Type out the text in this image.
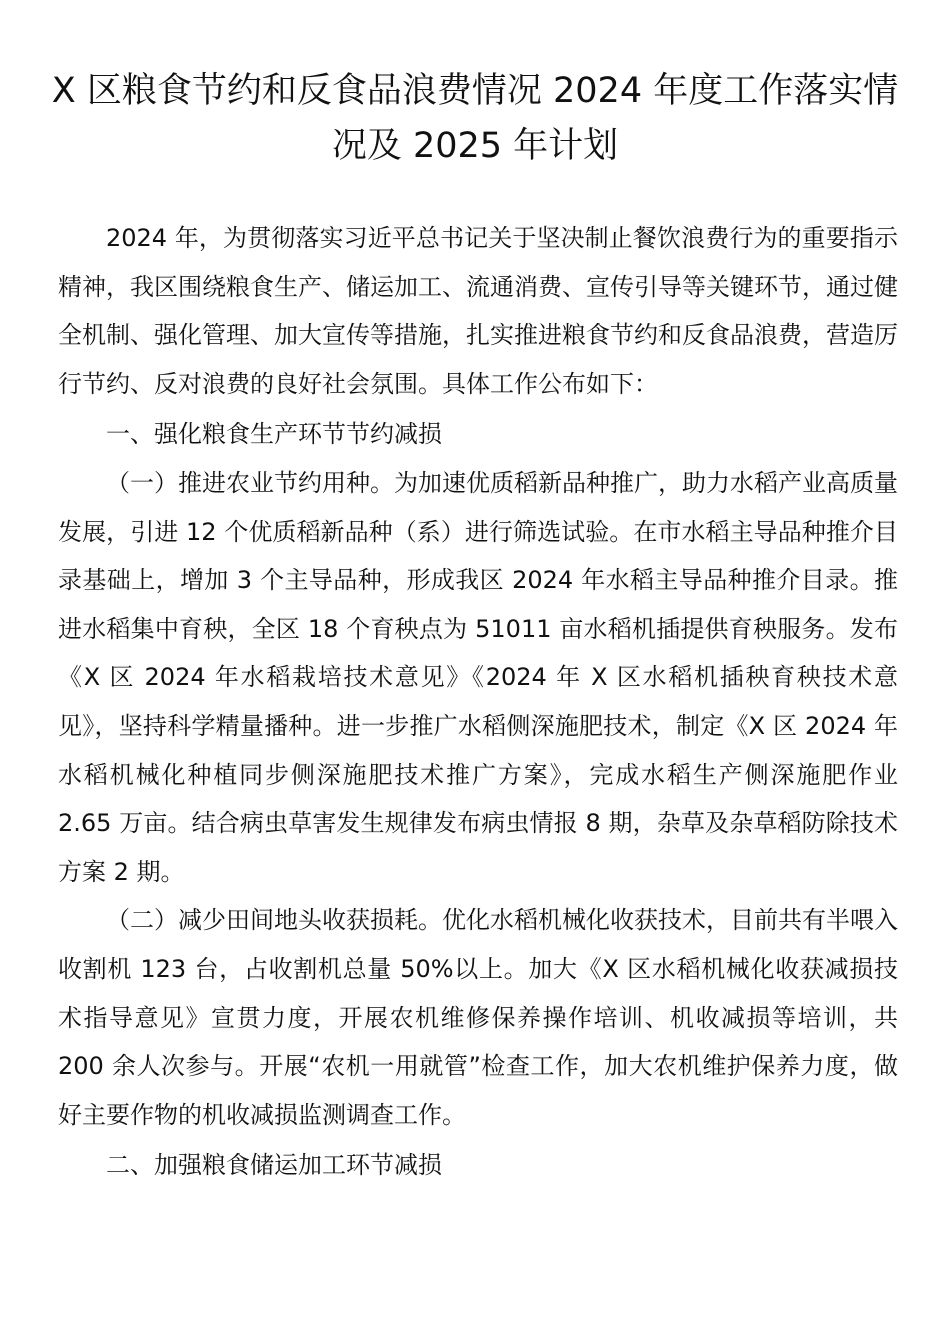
X 区粮食节约和反食品浪费情况 2024 年度工作落实情况及 2025 年计划

2024 年，为贯彻落实习近平总书记关于坚决制止餐饮浪费行为的重要指示精神，我区围绕粮食生产、储运加工、流通消费、宣传引导等关键环节，通过健全机制、强化管理、加大宣传等措施，扎实推进粮食节约和反食品浪费，营造厉行节约、反对浪费的良好社会氛围。具体工作公布如下：

一、强化粮食生产环节节约减损

（一）推进农业节约用种。为加速优质稻新品种推广，助力水稻产业高质量发展，引进 12 个优质稻新品种（系）进行筛选试验。在市水稻主导品种推介目录基础上，增加 3 个主导品种，形成我区 2024 年水稻主导品种推介目录。推进水稻集中育秧，全区 18 个育秧点为 51011 亩水稻机插提供育秧服务。发布《X 区 2024 年水稻栽培技术意见》《2024 年 X 区水稻机插秧育秧技术意见》，坚持科学精量播种。进一步推广水稻侧深施肥技术，制定《X 区 2024 年水稻机械化种植同步侧深施肥技术推广方案》，完成水稻生产侧深施肥作业 2.65 万亩。结合病虫草害发生规律发布病虫情报 8 期，杂草及杂草稻防除技术方案 2 期。

（二）减少田间地头收获损耗。优化水稻机械化收获技术，目前共有半喂入收割机 123 台，占收割机总量 50%以上。加大《X 区水稻机械化收获减损技术指导意见》宣贯力度，开展农机维修保养操作培训、机收减损等培训，共 200 余人次参与。开展“农机一用就管”检查工作，加大农机维护保养力度，做好主要作物的机收减损监测调查工作。

二、加强粮食储运加工环节减损
